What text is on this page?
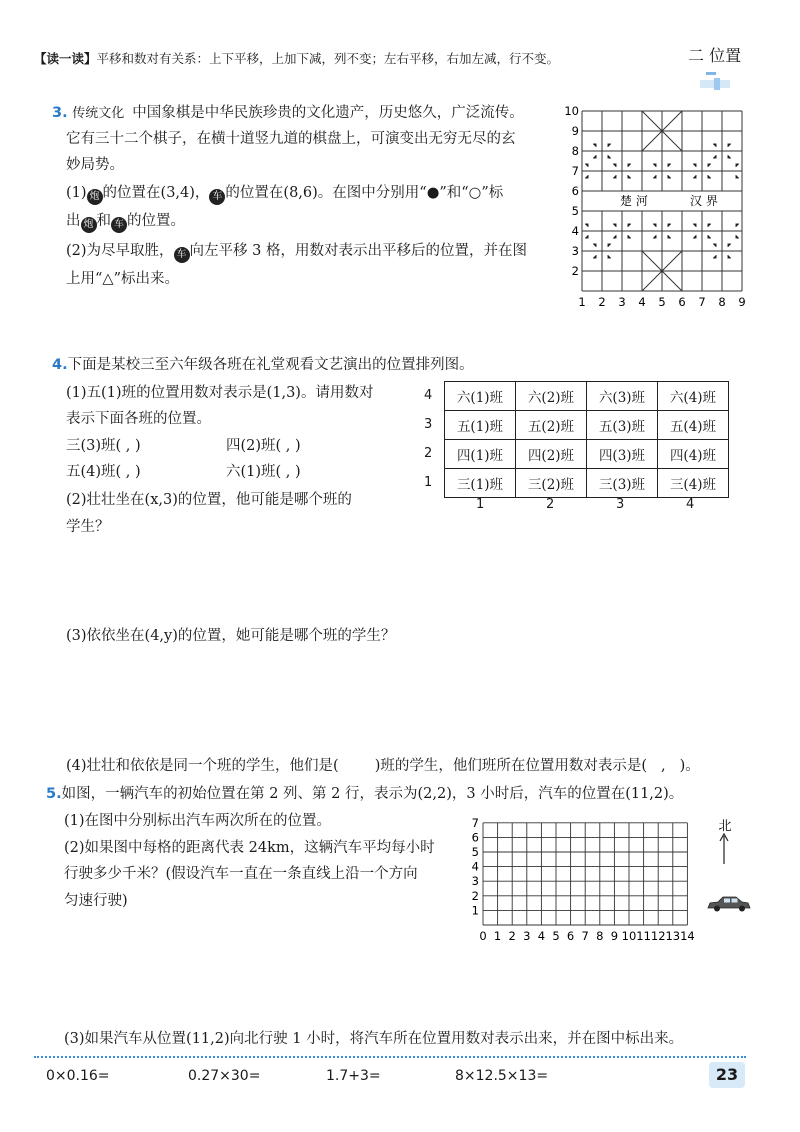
【读一读】平移和数对有关系：上下平移，上加下减，列不变；左右平移，右加左减，行不变。	二 位置
3. 传统文化 中国象棋是中华民族珍贵的文化遗产，历史悠久，广泛流传。
它有三十二个棋子，在横十道竖九道的棋盘上，可演变出无穷无尽的玄
妙局势。
(1) 炮 的位置在(3,4)， 车 的位置在(8,6)。在图中分别用“●”和“○”标
出 炮 和 车 的位置。
(2)为尽早取胜， 车 向左平移 3 格，用数对表示出平移后的位置，并在图
上用“△”标出来。
楚 河	汉 界
1 2 3 4 5 6 7 8 9
2
3
4
5
6
7
8
9
10
4.下面是某校三至六年级各班在礼堂观看文艺演出的位置排列图。
(1)五(1)班的位置用数对表示是(1,3)。请用数对
表示下面各班的位置。
三(3)班( , )	四(2)班( , )
五(4)班( , )	六(1)班( , )
(2)壮壮坐在(x,3)的位置，他可能是哪个班的
学生？
(3)依依坐在(4,y)的位置，她可能是哪个班的学生？
(4)壮壮和依依是同一个班的学生，他们是( )班的学生，他们班所在位置用数对表示是( , )。
4
3
2
1
六(1)班	六(2)班	六(3)班	六(4)班
五(1)班	五(2)班	五(3)班	五(4)班
四(1)班	四(2)班	四(3)班	四(4)班
三(1)班	三(2)班	三(3)班	三(4)班
1	2	3	4
5.如图，一辆汽车的初始位置在第 2 列、第 2 行，表示为(2,2)，3 小时后，汽车的位置在(11,2)。
(1)在图中分别标出汽车两次所在的位置。
(2)如果图中每格的距离代表 24km，这辆汽车平均每小时
行驶多少千米？(假设汽车一直在一条直线上沿一个方向
匀速行驶)
(3)如果汽车从位置(11,2)向北行驶 1 小时，将汽车所在位置用数对表示出来，并在图中标出来。
0 1 2 3 4 5 6 7 8 9 10 11 12 13 14
1
2
3
4
5
6
7	北
0×0.16=	0.27×30=	1.7+3=	8×12.5×13=	23
